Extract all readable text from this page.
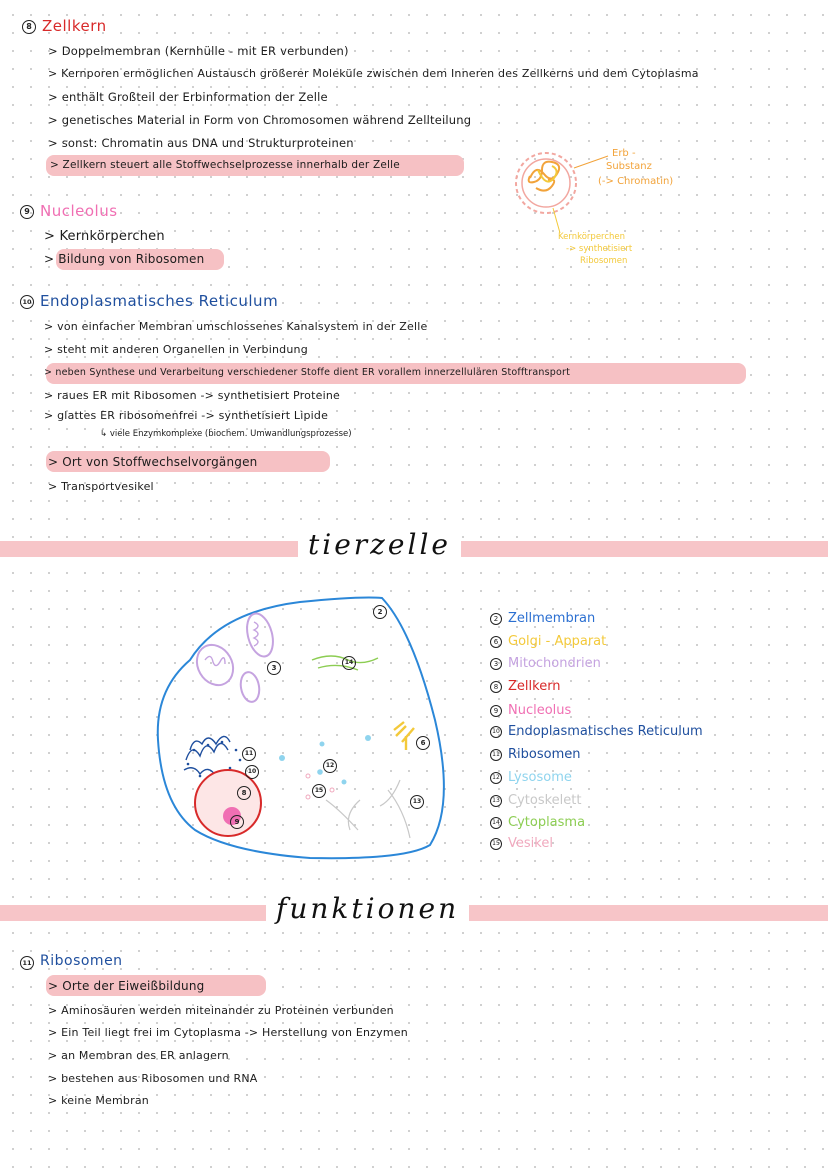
8 Zellkern
> Doppelmembran (Kernhülle - mit ER verbunden)
> Kernporen ermöglichen Austausch größerer Moleküle zwischen dem Inneren des Zellkerns und dem Cytoplasma
> enthält Großteil der Erbinformation der Zelle
> genetisches Material in Form von Chromosomen während Zellteilung
> sonst: Chromatin aus DNA und Strukturproteinen
> Zellkern steuert alle Stoffwechselprozesse innerhalb der Zelle
Erb -
Substanz
(-> Chromatin)
Kernkörperchen
-> synthetisiert
Ribosomen
9 Nucleolus
> Kernkörperchen
> Bildung von Ribosomen
10 Endoplasmatisches Reticulum
> von einfacher Membran umschlossenes Kanalsystem in der Zelle
> steht mit anderen Organellen in Verbindung
> neben Synthese und Verarbeitung verschiedener Stoffe dient ER vorallem innerzellulären Stofftransport
> raues ER mit Ribosomen -> synthetisiert Proteine
> glattes ER ribosomenfrei -> synthetisiert Lipide
↳ viele Enzymkomplexe (biochem. Umwandlungsprozesse)
> Ort von Stoffwechselvorgängen
> Transportvesikel
tierzelle
2
3
14
6
8
9
10
11
12
13
15
2 Zellmembran
6 Golgi - Apparat
3 Mitochondrien
8 Zellkern
9 Nucleolus
10 Endoplasmatisches Reticulum
11 Ribosomen
12 Lysosome
13 Cytoskelett
14 Cytoplasma
15 Vesikel
funktionen
11 Ribosomen
> Orte der Eiweißbildung
> Aminosäuren werden miteinander zu Proteinen verbunden
> Ein Teil liegt frei im Cytoplasma -> Herstellung von Enzymen
> an Membran des ER anlagern
> bestehen aus Ribosomen und RNA
> keine Membran
